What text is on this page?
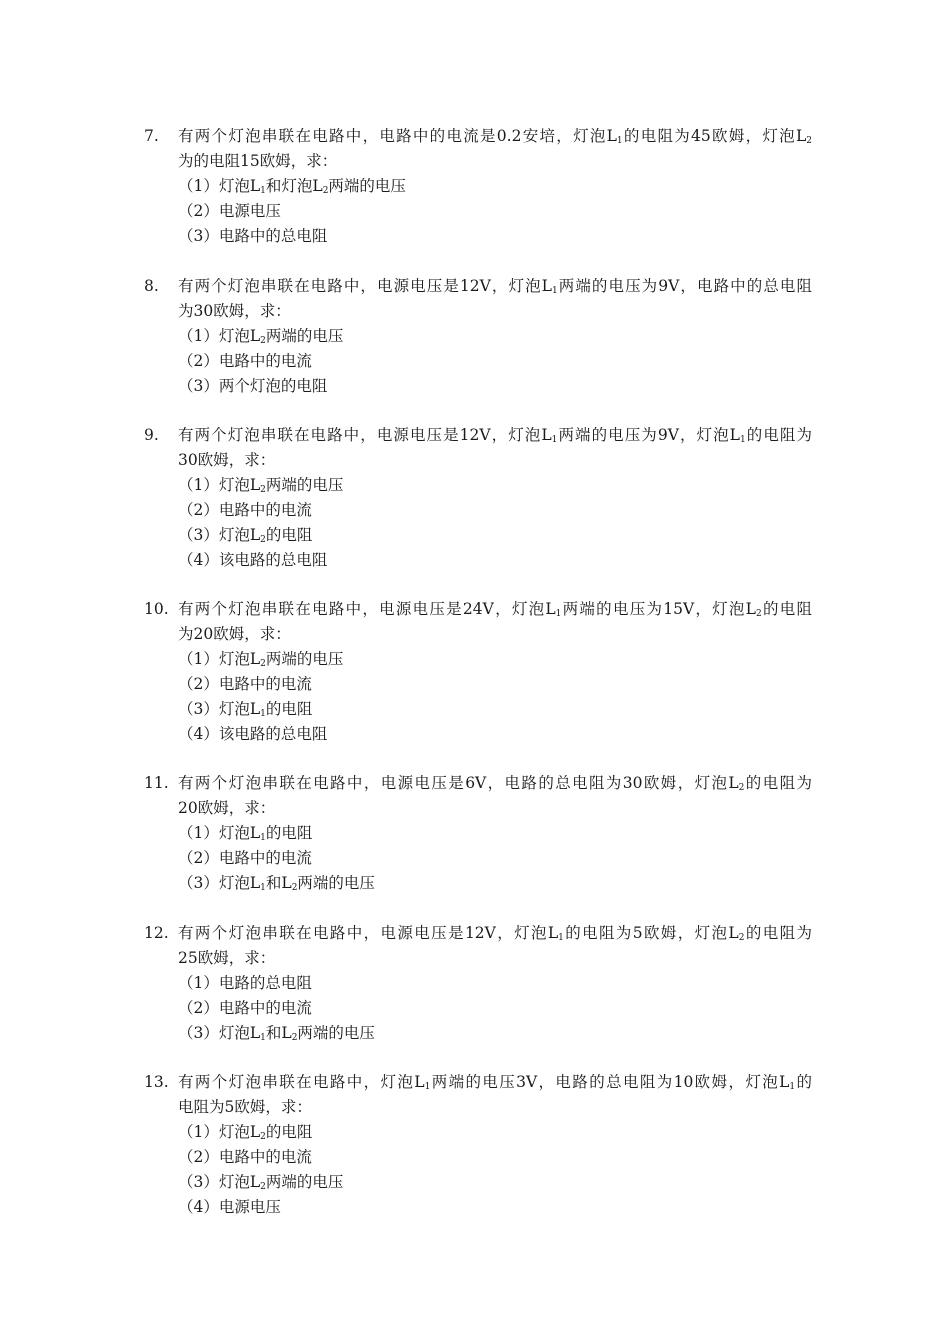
7. 有两个灯泡串联在电路中，电路中的电流是0.2安培，灯泡$L_1$的电阻为45欧姆，灯泡$L_2$
为的电阻15欧姆，求：
（1）灯泡$L_1$和灯泡$L_2$两端的电压
（2）电源电压
（3）电路中的总电阻
8. 有两个灯泡串联在电路中，电源电压是12V，灯泡$L_1$两端的电压为9V，电路中的总电阻
为30欧姆，求：
（1）灯泡$L_2$两端的电压
（2）电路中的电流
（3）两个灯泡的电阻
9. 有两个灯泡串联在电路中，电源电压是12V，灯泡$L_1$两端的电压为9V，灯泡$L_1$的电阻为
30欧姆，求：
（1）灯泡$L_2$两端的电压
（2）电路中的电流
（3）灯泡$L_2$的电阻
（4）该电路的总电阻
10. 有两个灯泡串联在电路中，电源电压是24V，灯泡$L_1$两端的电压为15V，灯泡$L_2$的电阻
为20欧姆，求：
（1）灯泡$L_2$两端的电压
（2）电路中的电流
（3）灯泡$L_1$的电阻
（4）该电路的总电阻
11. 有两个灯泡串联在电路中，电源电压是6V，电路的总电阻为30欧姆，灯泡$L_2$的电阻为
20欧姆，求：
（1）灯泡$L_1$的电阻
（2）电路中的电流
（3）灯泡$L_1$和$L_2$两端的电压
12. 有两个灯泡串联在电路中，电源电压是12V，灯泡$L_1$的电阻为5欧姆，灯泡$L_2$的电阻为
25欧姆，求：
（1）电路的总电阻
（2）电路中的电流
（3）灯泡$L_1$和$L_2$两端的电压
13. 有两个灯泡串联在电路中，灯泡$L_1$两端的电压3V，电路的总电阻为10欧姆，灯泡$L_1$的
电阻为5欧姆，求：
（1）灯泡$L_2$的电阻
（2）电路中的电流
（3）灯泡$L_2$两端的电压
（4）电源电压
